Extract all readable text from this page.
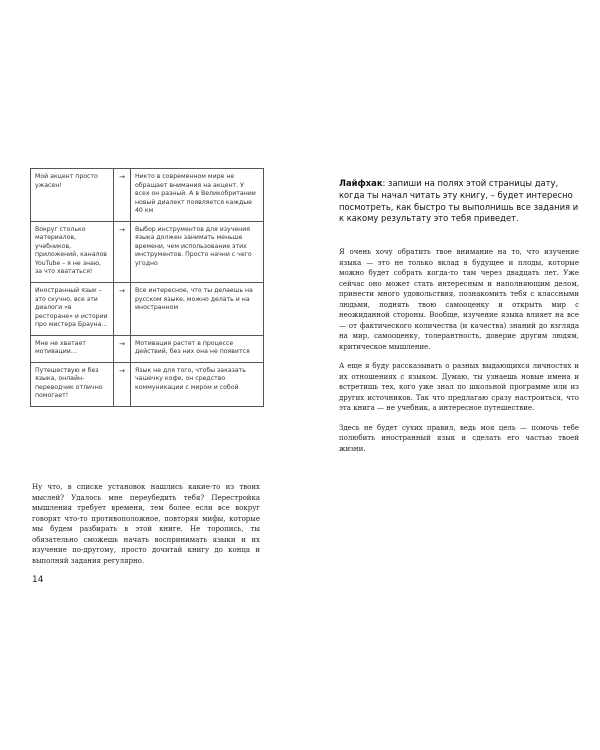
Мой акцент просто ужасен!	→	Никто в современном мире не обращает внимания на акцент. У всех он разный. А в Великобритании новый диалект появляется каждые 40 км
Вокруг столько материалов, учебников, приложений, каналов YouTube – я не знаю, за что хвататься!	→	Выбор инструментов для изучения языка должен занимать меньше времени, чем использование этих инструментов. Просто начни с чего угодно
Иностранный язык – это скучно, все эти диалоги «в ресторане» и истории про мистера Брауна…	→	Все интересное, что ты делаешь на русском языке, можно делать и на иностранном
Мне не хватает мотивации…	→	Мотивация растет в процессе действий, без них она не появится
Путешествую и без языка, онлайн-переводчик отлично помогает!	→	Язык не для того, чтобы заказать чашечку кофе, он средство коммуникации с миром и собой
Ну что, в списке установок нашлись какие-то из твоих мыслей? Удалось мне переубедить тебя? Перестройка мышления требует времени, тем более если все вокруг говорят что-то противоположное, повторяя мифы, которые мы будем разбирать в этой книге. Не торопись, ты обязательно сможешь начать воспринимать языки и их изучение по-другому, просто дочитай книгу до конца и выполняй задания регулярно.
14
Лайфхак: запиши на полях этой страницы дату, когда ты начал читать эту книгу, – будет интересно посмотреть, как быстро ты выполнишь все задания и к какому результату это тебя приведет.

Я очень хочу обратить твое внимание на то, что изучение языка — это не только вклад в будущее и плоды, которые можно будет собрать когда-то там через двадцать лет. Уже сейчас оно может стать интересным и наполняющим делом, принести много удовольствия, познакомить тебя с классными людьми, поднять твою самооценку и открыть мир с неожиданной стороны. Вообще, изучение языка влияет на все — от фактического количества (и качества) знаний до взгляда на мир, самооценку, толерантность, доверие другим людям, критическое мышление.

А еще я буду рассказывать о разных выдающихся личностях и их отношениях с языком. Думаю, ты узнаешь новые имена и встретишь тех, кого уже знал по школьной программе или из других источников. Так что предлагаю сразу настроиться, что эта книга — не учебник, а интересное путешествие.

Здесь не будет сухих правил, ведь моя цель — помочь тебе полюбить иностранный язык и сделать его частью твоей жизни.
